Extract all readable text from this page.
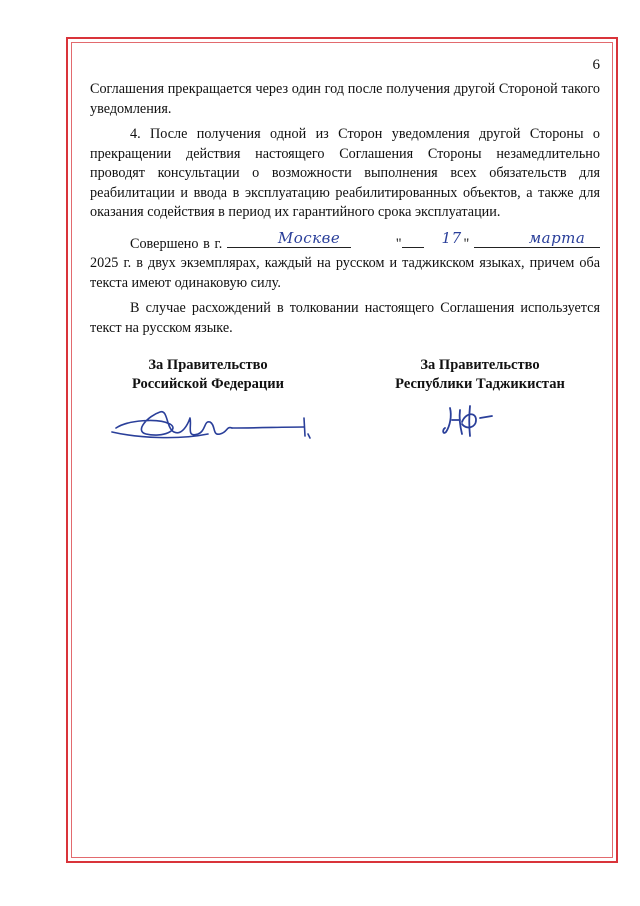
6

Соглашения прекращается через один год после получения другой Стороной такого уведомления.

4. После получения одной из Сторон уведомления другой Стороны о прекращении действия настоящего Соглашения Стороны незамедлительно проводят консультации о возможности выполнения всех обязательств для реабилитации и ввода в эксплуатацию реабилитированных объектов, а также для оказания содействия в период их гарантийного срока эксплуатации.

Совершено в г.	Москве	"	17 "	марта
2025 г. в двух экземплярах, каждый на русском и таджикском языках, причем оба текста имеют одинаковую силу.

В случае расхождений в толковании настоящего Соглашения используется текст на русском языке.

За Правительство
Российской Федерации
За Правительство
Республики Таджикистан
